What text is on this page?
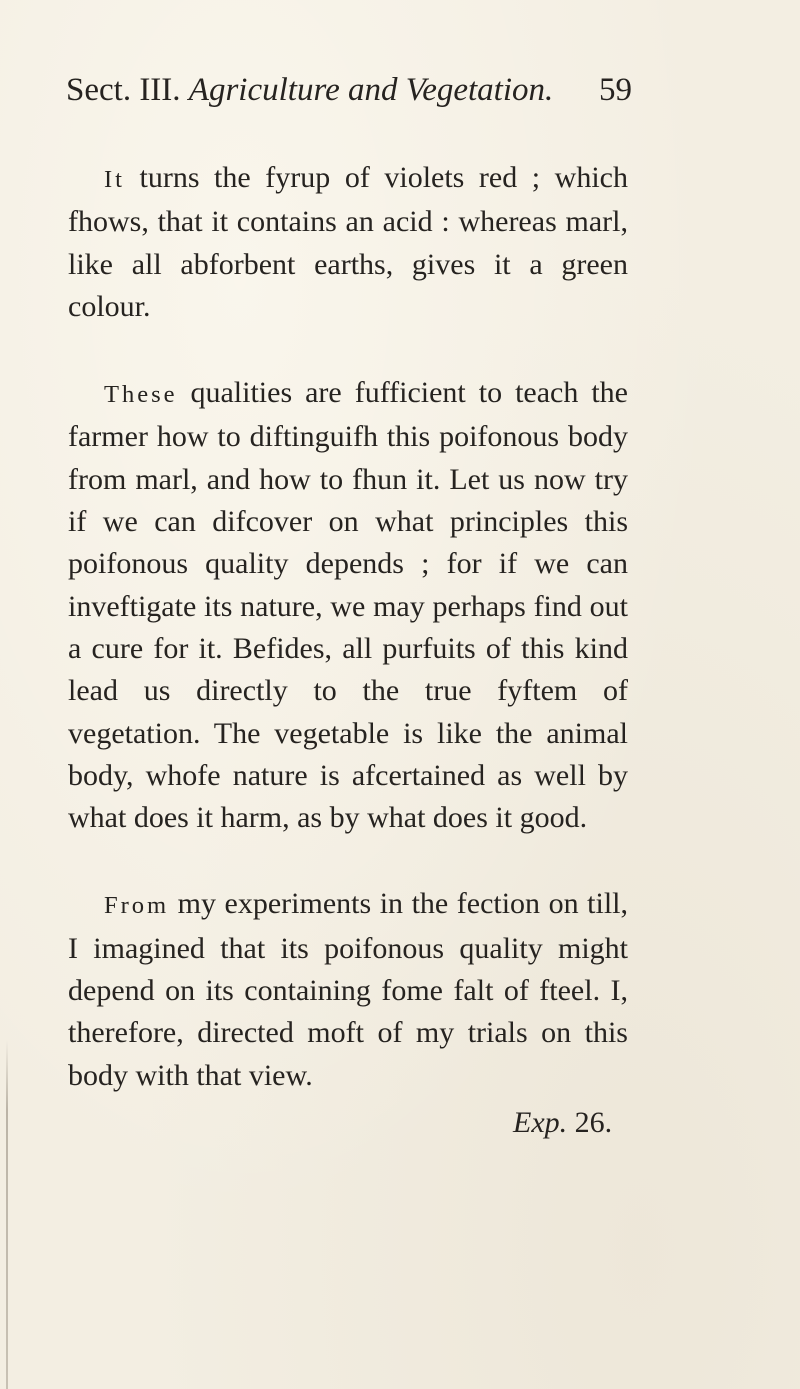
Sect. III. Agriculture and Vegetation. 59

It turns the fyrup of violets red ; which fhows, that it contains an acid : whereas marl, like all abforbent earths, gives it a green colour.

These qualities are fufficient to teach the farmer how to diftinguifh this poifonous body from marl, and how to fhun it. Let us now try if we can difcover on what principles this poifonous quality depends ; for if we can inveftigate its nature, we may perhaps find out a cure for it. Befides, all purfuits of this kind lead us directly to the true fyftem of vegetation. The vegetable is like the animal body, whofe nature is afcertained as well by what does it harm, as by what does it good.

From my experiments in the fection on till, I imagined that its poifonous quality might depend on its containing fome falt of fteel. I, therefore, directed moft of my trials on this body with that view.

Exp. 26.
